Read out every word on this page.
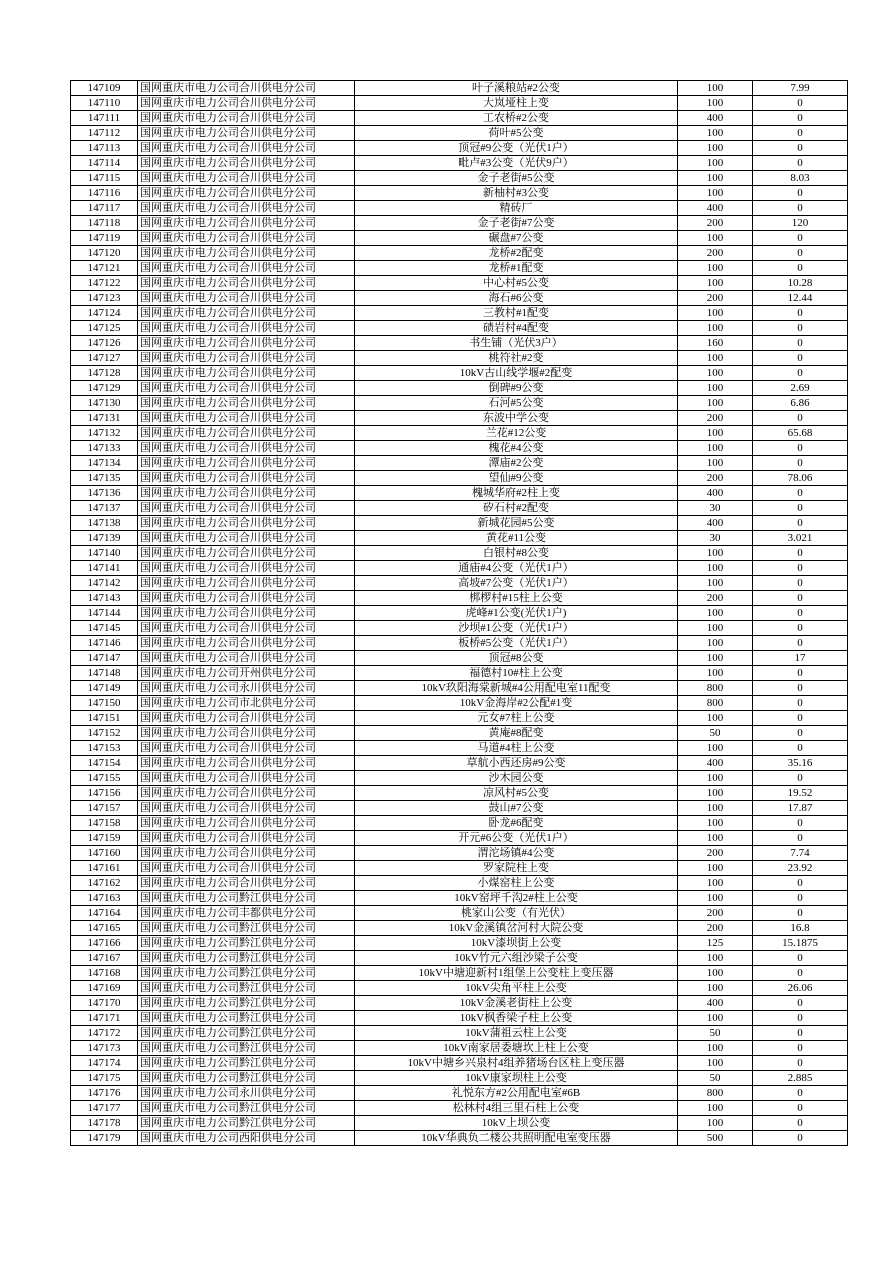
147109	国网重庆市电力公司合川供电分公司	叶子溪粮站#2公变	100	7.99
147110	国网重庆市电力公司合川供电分公司	大岚垭柱上变	100	0
147111	国网重庆市电力公司合川供电分公司	工农桥#2公变	400	0
147112	国网重庆市电力公司合川供电分公司	荷叶#5公变	100	0
147113	国网重庆市电力公司合川供电分公司	顶冠#9公变（光伏1户）	100	0
147114	国网重庆市电力公司合川供电分公司	毗卢#3公变（光伏9户）	100	0
147115	国网重庆市电力公司合川供电分公司	金子老街#5公变	100	8.03
147116	国网重庆市电力公司合川供电分公司	新柚村#3公变	100	0
147117	国网重庆市电力公司合川供电分公司	精砖厂	400	0
147118	国网重庆市电力公司合川供电分公司	金子老街#7公变	200	120
147119	国网重庆市电力公司合川供电分公司	碾盘#7公变	100	0
147120	国网重庆市电力公司合川供电分公司	龙桥#2配变	200	0
147121	国网重庆市电力公司合川供电分公司	龙桥#1配变	100	0
147122	国网重庆市电力公司合川供电分公司	中心村#5公变	100	10.28
147123	国网重庆市电力公司合川供电分公司	海石#6公变	200	12.44
147124	国网重庆市电力公司合川供电分公司	三教村#1配变	100	0
147125	国网重庆市电力公司合川供电分公司	碛岩村#4配变	100	0
147126	国网重庆市电力公司合川供电分公司	书生铺（光伏3户）	160	0
147127	国网重庆市电力公司合川供电分公司	桃符社#2变	100	0
147128	国网重庆市电力公司合川供电分公司	10kV古山线学堰#2配变	100	0
147129	国网重庆市电力公司合川供电分公司	倒碑#9公变	100	2.69
147130	国网重庆市电力公司合川供电分公司	石河#5公变	100	6.86
147131	国网重庆市电力公司合川供电分公司	东波中学公变	200	0
147132	国网重庆市电力公司合川供电分公司	兰花#12公变	100	65.68
147133	国网重庆市电力公司合川供电分公司	槐花#4公变	100	0
147134	国网重庆市电力公司合川供电分公司	潭庙#2公变	100	0
147135	国网重庆市电力公司合川供电分公司	望仙#9公变	200	78.06
147136	国网重庆市电力公司合川供电分公司	槐城华府#2柱上变	400	0
147137	国网重庆市电力公司合川供电分公司	矽石村#2配变	30	0
147138	国网重庆市电力公司合川供电分公司	新城花园#5公变	400	0
147139	国网重庆市电力公司合川供电分公司	黄花#11公变	30	3.021
147140	国网重庆市电力公司合川供电分公司	白银村#8公变	100	0
147141	国网重庆市电力公司合川供电分公司	通庙#4公变（光伏1户）	100	0
147142	国网重庆市电力公司合川供电分公司	高坡#7公变（光伏1户）	100	0
147143	国网重庆市电力公司合川供电分公司	梆椤村#15柱上公变	200	0
147144	国网重庆市电力公司合川供电分公司	虎峰#1公变(光伏1户)	100	0
147145	国网重庆市电力公司合川供电分公司	沙坝#1公变（光伏1户）	100	0
147146	国网重庆市电力公司合川供电分公司	板桥#5公变（光伏1户）	100	0
147147	国网重庆市电力公司合川供电分公司	顶冠#8公变	100	17
147148	国网重庆市电力公司开州供电分公司	福德村10#柱上公变	100	0
147149	国网重庆市电力公司永川供电分公司	10kV玖阳海棠新城#4公用配电室11配变	800	0
147150	国网重庆市电力公司市北供电分公司	10kV金海岸#2公配#1变	800	0
147151	国网重庆市电力公司合川供电分公司	元女#7柱上公变	100	0
147152	国网重庆市电力公司合川供电分公司	黄庵#8配变	50	0
147153	国网重庆市电力公司合川供电分公司	马道#4柱上公变	100	0
147154	国网重庆市电力公司合川供电分公司	草航小西还房#9公变	400	35.16
147155	国网重庆市电力公司合川供电分公司	沙木园公变	100	0
147156	国网重庆市电力公司合川供电分公司	凉风村#5公变	100	19.52
147157	国网重庆市电力公司合川供电分公司	鼓山#7公变	100	17.87
147158	国网重庆市电力公司合川供电分公司	卧龙#6配变	100	0
147159	国网重庆市电力公司合川供电分公司	开元#6公变（光伏1户）	100	0
147160	国网重庆市电力公司合川供电分公司	渭沱场镇#4公变	200	7.74
147161	国网重庆市电力公司合川供电分公司	罗家院柱上变	100	23.92
147162	国网重庆市电力公司合川供电分公司	小煤窑柱上公变	100	0
147163	国网重庆市电力公司黔江供电分公司	10kV窑坪千沟2#柱上公变	100	0
147164	国网重庆市电力公司丰都供电分公司	桃家山公变（有光伏）	200	0
147165	国网重庆市电力公司黔江供电分公司	10kV金溪镇岔河村大院公变	200	16.8
147166	国网重庆市电力公司黔江供电分公司	10kV漆坝街上公变	125	15.1875
147167	国网重庆市电力公司黔江供电分公司	10kV竹元六组沙梁子公变	100	0
147168	国网重庆市电力公司黔江供电分公司	10kV中塘迎新村1组堡上公变柱上变压器	100	0
147169	国网重庆市电力公司黔江供电分公司	10kV尖角平柱上公变	100	26.06
147170	国网重庆市电力公司黔江供电分公司	10kV金溪老街柱上公变	400	0
147171	国网重庆市电力公司黔江供电分公司	10kV枫香梁子柱上公变	100	0
147172	国网重庆市电力公司黔江供电分公司	10kV蒲祖云柱上公变	50	0
147173	国网重庆市电力公司黔江供电分公司	10kV南家居委塘坎上柱上公变	100	0
147174	国网重庆市电力公司黔江供电分公司	10kV中塘乡兴泉村4组养猪场台区柱上变压器	100	0
147175	国网重庆市电力公司黔江供电分公司	10kV康家坝柱上公变	50	2.885
147176	国网重庆市电力公司永川供电分公司	礼悦东方#2公用配电室#6B	800	0
147177	国网重庆市电力公司黔江供电分公司	松林村4组三里石柱上公变	100	0
147178	国网重庆市电力公司黔江供电分公司	10kV上坝公变	100	0
147179	国网重庆市电力公司西阳供电分公司	10kV华典负二楼公共照明配电室变压器	500	0
